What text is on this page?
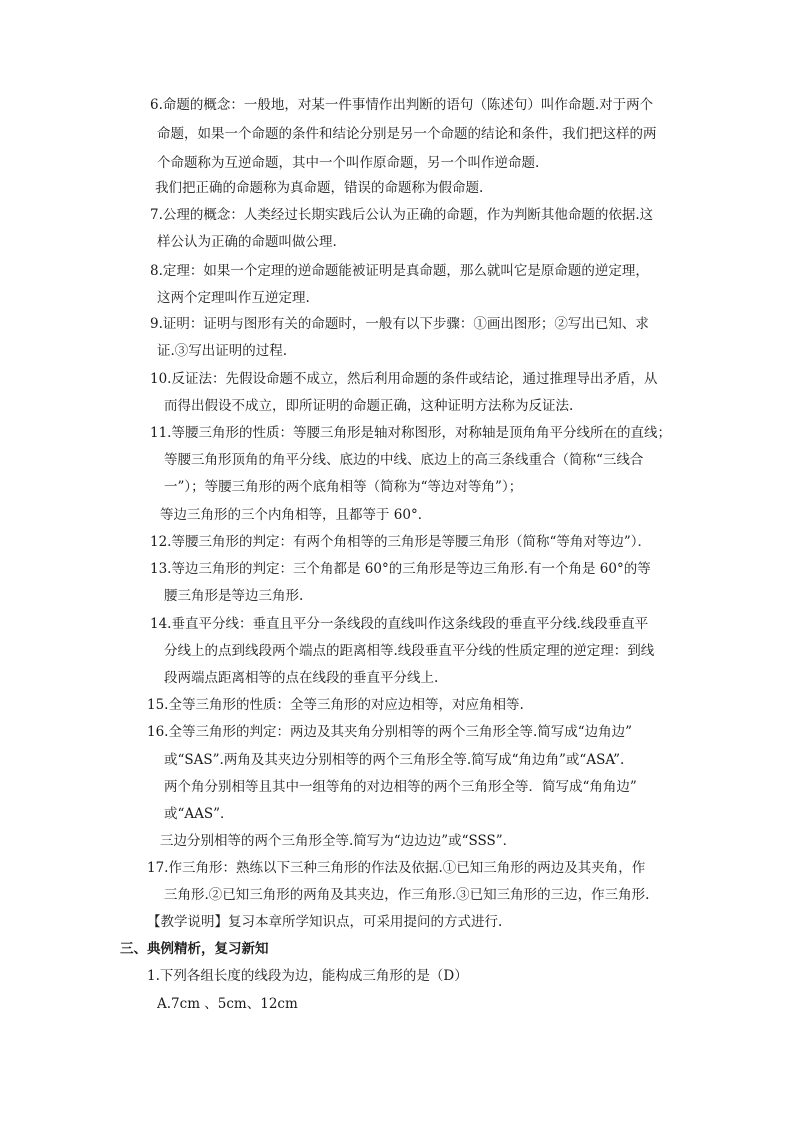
6.命题的概念：一般地，对某一件事情作出判断的语句（陈述句）叫作命题.对于两个
命题，如果一个命题的条件和结论分别是另一个命题的结论和条件，我们把这样的两
个命题称为互逆命题，其中一个叫作原命题，另一个叫作逆命题.
我们把正确的命题称为真命题，错误的命题称为假命题.
7.公理的概念：人类经过长期实践后公认为正确的命题，作为判断其他命题的依据.这
样公认为正确的命题叫做公理.
8.定理：如果一个定理的逆命题能被证明是真命题，那么就叫它是原命题的逆定理，
这两个定理叫作互逆定理.
9.证明：证明与图形有关的命题时，一般有以下步骤：①画出图形；②写出已知、求
证.③写出证明的过程.
10.反证法：先假设命题不成立，然后利用命题的条件或结论，通过推理导出矛盾，从
而得出假设不成立，即所证明的命题正确，这种证明方法称为反证法.
11.等腰三角形的性质：等腰三角形是轴对称图形，对称轴是顶角角平分线所在的直线；
等腰三角形顶角的角平分线、底边的中线、底边上的高三条线重合（简称“三线合
一”）；等腰三角形的两个底角相等（简称为“等边对等角”）；
等边三角形的三个内角相等，且都等于 60°．
12.等腰三角形的判定：有两个角相等的三角形是等腰三角形（简称“等角对等边”）．
13.等边三角形的判定：三个角都是 60°的三角形是等边三角形.有一个角是 60°的等
腰三角形是等边三角形.
14.垂直平分线：垂直且平分一条线段的直线叫作这条线段的垂直平分线.线段垂直平
分线上的点到线段两个端点的距离相等.线段垂直平分线的性质定理的逆定理：到线
段两端点距离相等的点在线段的垂直平分线上.
15.全等三角形的性质：全等三角形的对应边相等，对应角相等.
16.全等三角形的判定：两边及其夹角分别相等的两个三角形全等.简写成“边角边”
或“SAS”.两角及其夹边分别相等的两个三角形全等.简写成“角边角”或“ASA”.
两个角分别相等且其中一组等角的对边相等的两个三角形全等．简写成“角角边”
或“AAS”．
三边分别相等的两个三角形全等.简写为“边边边”或“SSS”．
17.作三角形：熟练以下三种三角形的作法及依据.①已知三角形的两边及其夹角，作
三角形.②已知三角形的两角及其夹边，作三角形.③已知三角形的三边，作三角形.
【教学说明】复习本章所学知识点，可采用提问的方式进行.
三、典例精析，复习新知
1.下列各组长度的线段为边，能构成三角形的是（D）
A.7cm 、5cm、12cm
